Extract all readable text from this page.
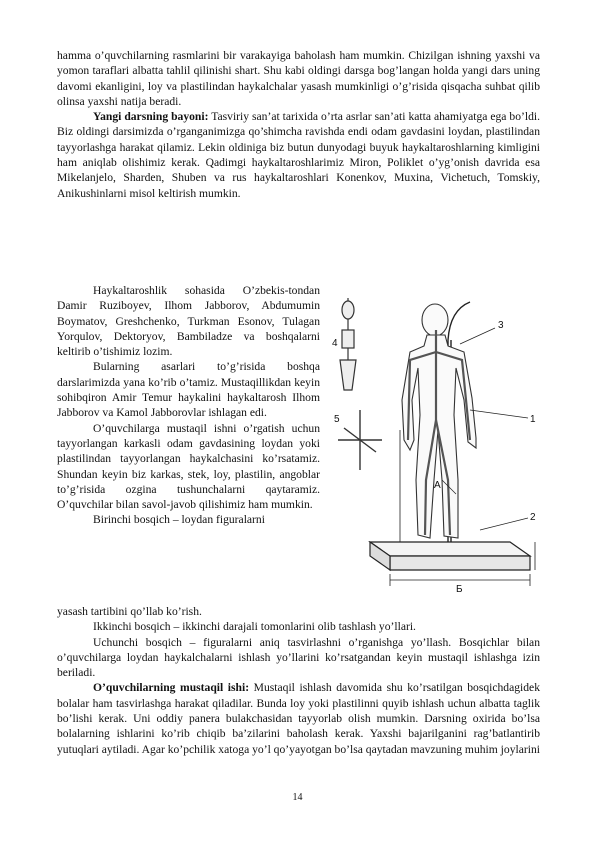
hamma o’quvchilarning rasmlarini bir varakayiga baholash ham mumkin. Chizilgan ishning yaxshi va yomon taraflari albatta tahlil qilinishi shart. Shu kabi oldingi darsga bog’langan holda yangi dars uning davomi ekanligini, loy va plastilindan haykalchalar yasash mumkinligi o’g’risida qisqacha suhbat qilib olinsa yaxshi natija beradi.

Yangi darsning bayoni: Tasviriy san’at tarixida o’rta asrlar san’ati katta ahamiyatga ega bo’ldi. Biz oldingi darsimizda o’rganganimizga qo’shimcha ravishda endi odam gavdasini loydan, plastilindan tayyorlashga harakat qilamiz. Lekin oldiniga biz butun dunyodagi buyuk haykaltaroshlarning kimligini ham aniqlab olishimiz kerak. Qadimgi haykaltaroshlarimiz Miron, Poliklet o’yg’onish davrida esa Mikelanjelo, Sharden, Shuben va rus haykaltaroshlari Konenkov, Muxina, Vichetuch, Tomskiy, Anikushinlarni misol keltirish mumkin.

Haykaltaroshlik sohasida O’zbekis-tondan Damir Ruziboyev, Ilhom Jabborov, Abdumumin Boymatov, Greshchenko, Turkman Esonov, Tulagan Yorqulov, Dektoryov, Bambiladze va boshqalarni keltirib o’tishimiz lozim.

Bularning asarlari to’g’risida boshqa darslarimizda yana ko’rib o’tamiz. Mustaqillikdan keyin sohibqiron Amir Temur haykalini haykaltarosh Ilhom Jabborov va Kamol Jabborovlar ishlagan edi.

O’quvchilarga mustaqil ishni o’rgatish uchun tayyorlangan karkasli odam gavdasining loydan yoki plastilindan tayyorlangan haykalchasini ko’rsatamiz. Shundan keyin biz karkas, stek, loy, plastilin, angoblar to’g’risida ozgina tushunchalarni qaytaramiz. O’quvchilar bilan savol-javob qilishimiz ham mumkin.

Birinchi bosqich – loydan figuralarni

3
1
2
4
5
A
Б

yasash tartibini qo’llab ko’rish.

Ikkinchi bosqich – ikkinchi darajali tomonlarini olib tashlash yo’llari.

Uchunchi bosqich – figuralarni aniq tasvirlashni o’rganishga yo’llash. Bosqichlar bilan o’quvchilarga loydan haykalchalarni ishlash yo’llarini ko’rsatgandan keyin mustaqil ishlashga izin beriladi.

O’quvchilarning mustaqil ishi: Mustaqil ishlash davomida shu ko’rsatilgan bosqichdagidek bolalar ham tasvirlashga harakat qiladilar. Bunda loy yoki plastilinni quyib ishlash uchun albatta taglik bo’lishi kerak. Uni oddiy panera bulakchasidan tayyorlab olish mumkin. Darsning oxirida bo’lsa bolalarning ishlarini ko’rib chiqib ba’zilarini baholash kerak. Yaxshi bajarilganini rag’batlantirib yutuqlari aytiladi. Agar ko’pchilik xatoga yo’l qo’yayotgan bo’lsa qaytadan mavzuning muhim joylarini

14
